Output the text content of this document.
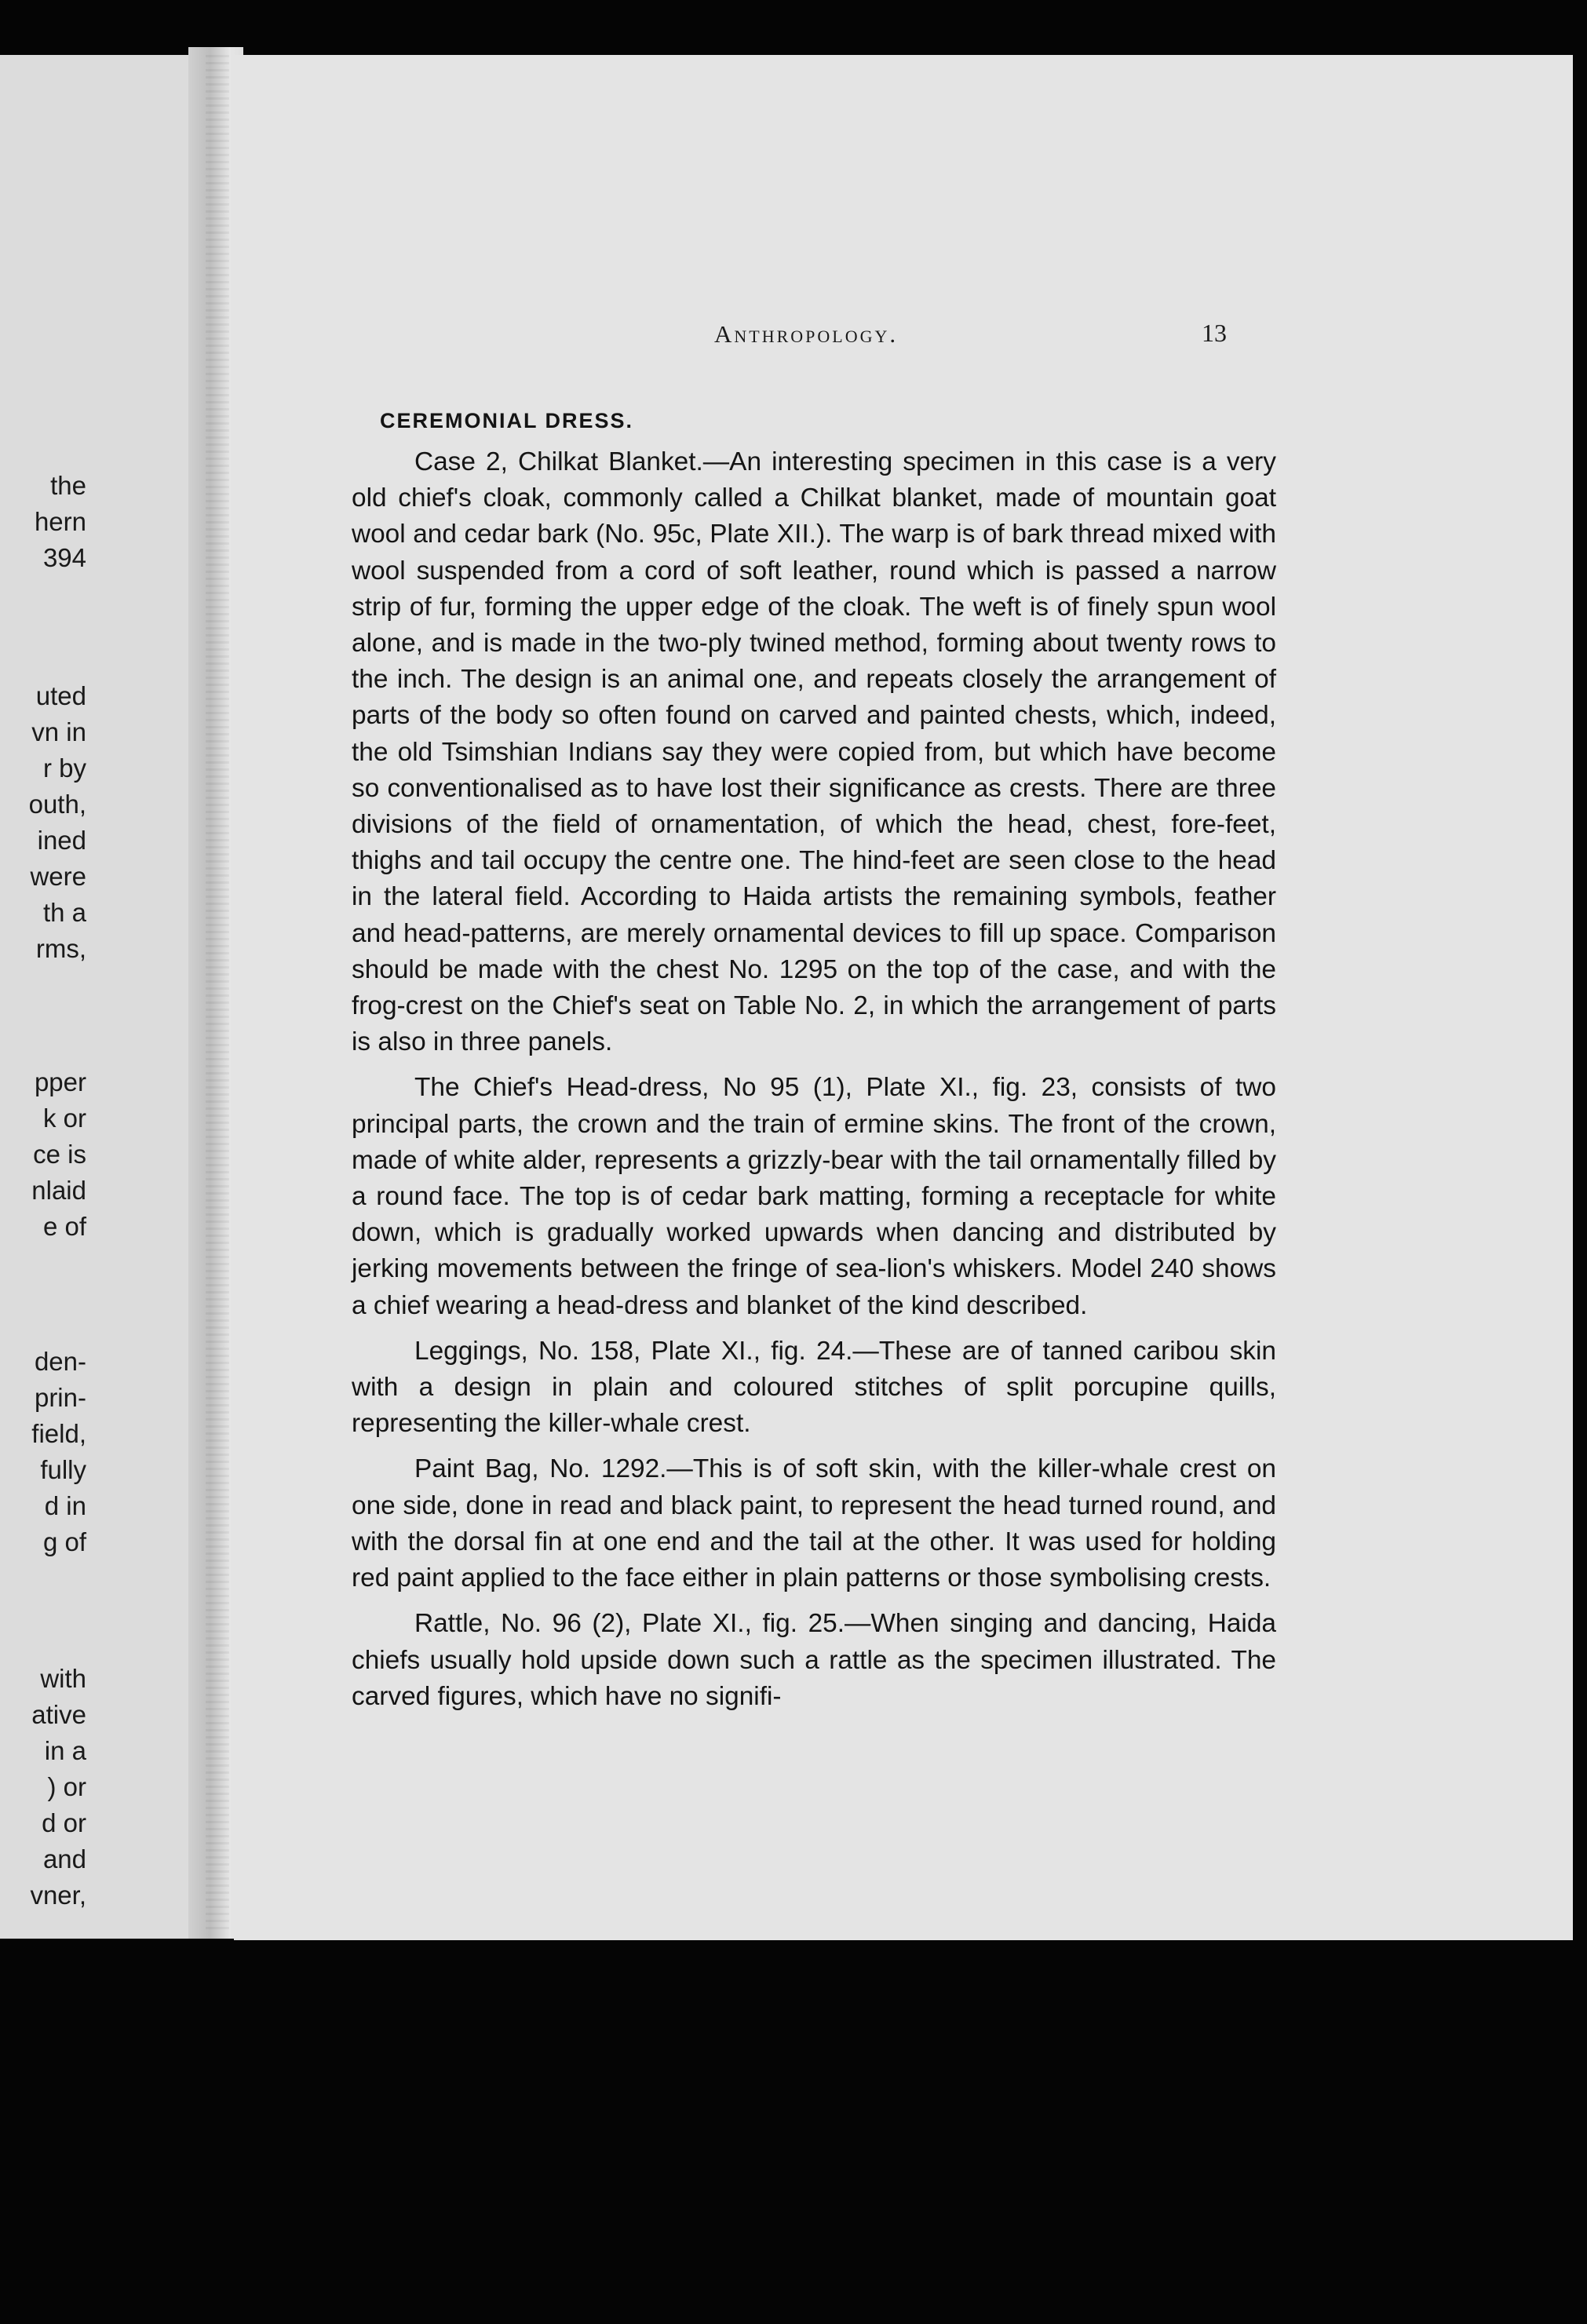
the
hern
394
uted
vn in
r by
outh,
ined
were
th a
rms,
pper
k or
ce is
nlaid
e of
den-
prin-
field,
fully
d in
g of
with
ative
in a
) or
d or
and
vner,
Anthropology.	13
CEREMONIAL DRESS.

Case 2, Chilkat Blanket.—An interesting specimen in this case is a very old chief's cloak, commonly called a Chilkat blanket, made of mountain goat wool and cedar bark (No. 95c, Plate XII.). The warp is of bark thread mixed with wool suspended from a cord of soft leather, round which is passed a narrow strip of fur, forming the upper edge of the cloak. The weft is of finely spun wool alone, and is made in the two-ply twined method, forming about twenty rows to the inch. The design is an animal one, and repeats closely the arrangement of parts of the body so often found on carved and painted chests, which, indeed, the old Tsimshian Indians say they were copied from, but which have become so conventionalised as to have lost their significance as crests. There are three divisions of the field of ornamentation, of which the head, chest, fore-feet, thighs and tail occupy the centre one. The hind-feet are seen close to the head in the lateral field. According to Haida artists the remaining symbols, feather and head-patterns, are merely ornamental devices to fill up space. Comparison should be made with the chest No. 1295 on the top of the case, and with the frog-crest on the Chief's seat on Table No. 2, in which the arrangement of parts is also in three panels.

The Chief's Head-dress, No 95 (1), Plate XI., fig. 23, consists of two principal parts, the crown and the train of ermine skins. The front of the crown, made of white alder, represents a grizzly-bear with the tail ornamentally filled by a round face. The top is of cedar bark matting, forming a receptacle for white down, which is gradually worked upwards when dancing and distributed by jerking movements between the fringe of sea-lion's whiskers. Model 240 shows a chief wearing a head-dress and blanket of the kind described.

Leggings, No. 158, Plate XI., fig. 24.—These are of tanned caribou skin with a design in plain and coloured stitches of split porcupine quills, representing the killer-whale crest.

Paint Bag, No. 1292.—This is of soft skin, with the killer-whale crest on one side, done in read and black paint, to represent the head turned round, and with the dorsal fin at one end and the tail at the other. It was used for holding red paint applied to the face either in plain patterns or those symbolising crests.

Rattle, No. 96 (2), Plate XI., fig. 25.—When singing and dancing, Haida chiefs usually hold upside down such a rattle as the specimen illustrated. The carved figures, which have no signifi-
